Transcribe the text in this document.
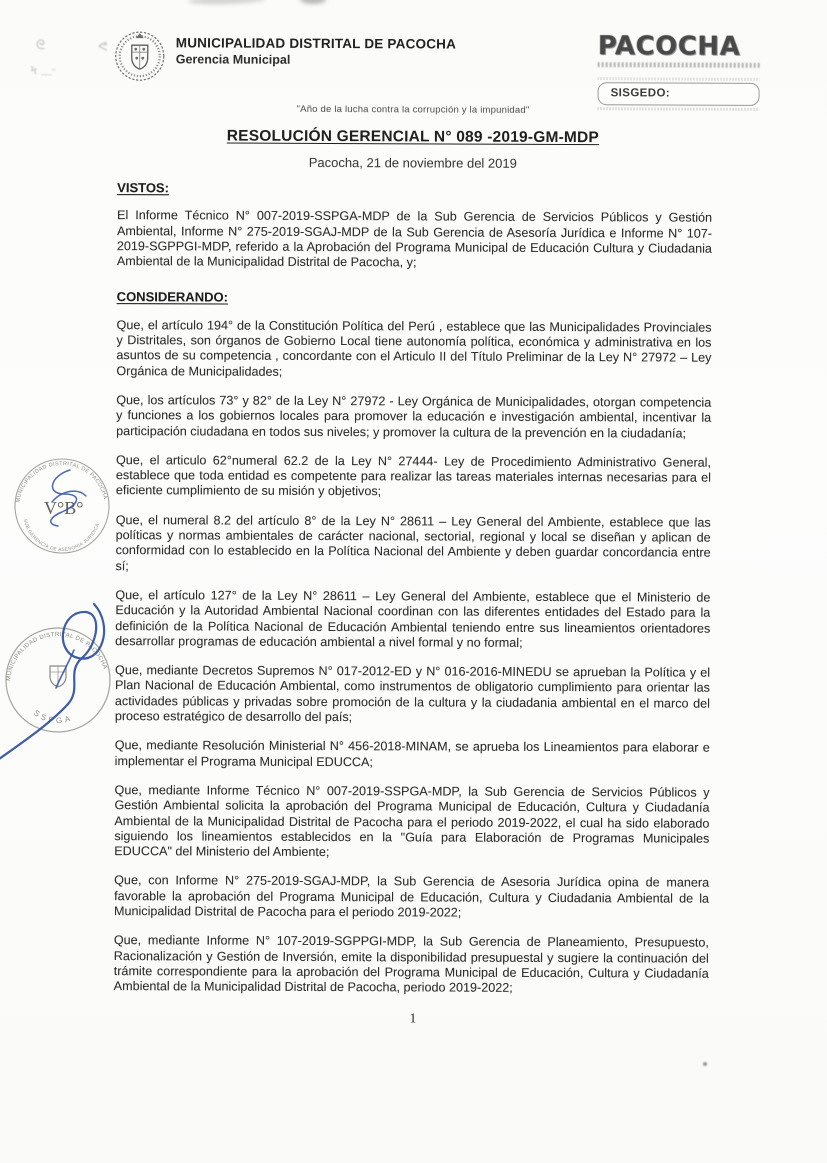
ᘓ	ᕙ
Ϟ ﹏ᵕ
MUNICIPALIDAD DISTRITAL DE PACOCHA
Gerencia Municipal	PACOCHA
SISGEDO:
"Año de la lucha contra la corrupción y la impunidad"
RESOLUCIÓN GERENCIAL N° 089 -2019-GM-MDP
Pacocha, 21 de noviembre del 2019
VISTOS:

El Informe Técnico N° 007-2019-SSPGA-MDP de la Sub Gerencia de Servicios Públicos y Gestión Ambiental, Informe N° 275-2019-SGAJ-MDP de la Sub Gerencia de Asesoría Jurídica e Informe N° 107-2019-SGPPGI-MDP, referido a la Aprobación del Programa Municipal de Educación Cultura y Ciudadania Ambiental de la Municipalidad Distrital de Pacocha, y;

CONSIDERANDO:

Que, el artículo 194° de la Constitución Política del Perú , establece que las Municipalidades Provinciales y Distritales, son órganos de Gobierno Local tiene autonomía política, económica y administrativa en los asuntos de su competencia , concordante con el Articulo II del Título Preliminar de la Ley N° 27972 – Ley Orgánica de Municipalidades;

Que, los artículos 73° y 82° de la Ley N° 27972 - Ley Orgánica de Municipalidades, otorgan competencia y funciones a los gobiernos locales para promover la educación e investigación ambiental, incentivar la participación ciudadana en todos sus niveles; y promover la cultura de la prevención en la ciudadanía;

Que, el articulo 62°numeral 62.2 de la Ley N° 27444- Ley de Procedimiento Administrativo General, establece que toda entidad es competente para realizar las tareas materiales internas necesarias para el eficiente cumplimiento de su misión y objetivos;

Que, el numeral 8.2 del artículo 8° de la Ley N° 28611 – Ley General del Ambiente, establece que las políticas y normas ambientales de carácter nacional, sectorial, regional y local se diseñan y aplican de conformidad con lo establecido en la Política Nacional del Ambiente y deben guardar concordancia entre sí;

Que, el artículo 127° de la Ley N° 28611 – Ley General del Ambiente, establece que el Ministerio de Educación y la Autoridad Ambiental Nacional coordinan con las diferentes entidades del Estado para la definición de la Política Nacional de Educación Ambiental teniendo entre sus lineamientos orientadores desarrollar programas de educación ambiental a nivel formal y no formal;

Que, mediante Decretos Supremos N° 017-2012-ED y N° 016-2016-MINEDU se aprueban la Política y el Plan Nacional de Educación Ambiental, como instrumentos de obligatorio cumplimiento para orientar las actividades públicas y privadas sobre promoción de la cultura y la ciudadania ambiental en el marco del proceso estratégico de desarrollo del país;

Que, mediante Resolución Ministerial N° 456-2018-MINAM, se aprueba los Lineamientos para elaborar e implementar el Programa Municipal EDUCCA;

Que, mediante Informe Técnico N° 007-2019-SSPGA-MDP, la Sub Gerencia de Servicios Públicos y Gestión Ambiental solicita la aprobación del Programa Municipal de Educación, Cultura y Ciudadanía Ambiental de la Municipalidad Distrital de Pacocha para el periodo 2019-2022, el cual ha sido elaborado siguiendo los lineamientos establecidos en la "Guía para Elaboración de Programas Municipales EDUCCA" del Ministerio del Ambiente;

Que, con Informe N° 275-2019-SGAJ-MDP, la Sub Gerencia de Asesoria Jurídica opina de manera favorable la aprobación del Programa Municipal de Educación, Cultura y Ciudadania Ambiental de la Municipalidad Distrital de Pacocha para el periodo 2019-2022;

Que, mediante Informe N° 107-2019-SGPPGI-MDP, la Sub Gerencia de Planeamiento, Presupuesto, Racionalización y Gestión de Inversión, emite la disponibilidad presupuestal y sugiere la continuación del trámite correspondiente para la aprobación del Programa Municipal de Educación, Cultura y Ciudadanía Ambiental de la Municipalidad Distrital de Pacocha, periodo 2019-2022;

1
MUNICIPALIDAD DISTRITAL DE PACOCHA
SUB GERENCIA DE ASESORIA JURIDICA
V°B°
MUNICIPALIDAD DISTRITAL DE PACOCHA
SSPGA
